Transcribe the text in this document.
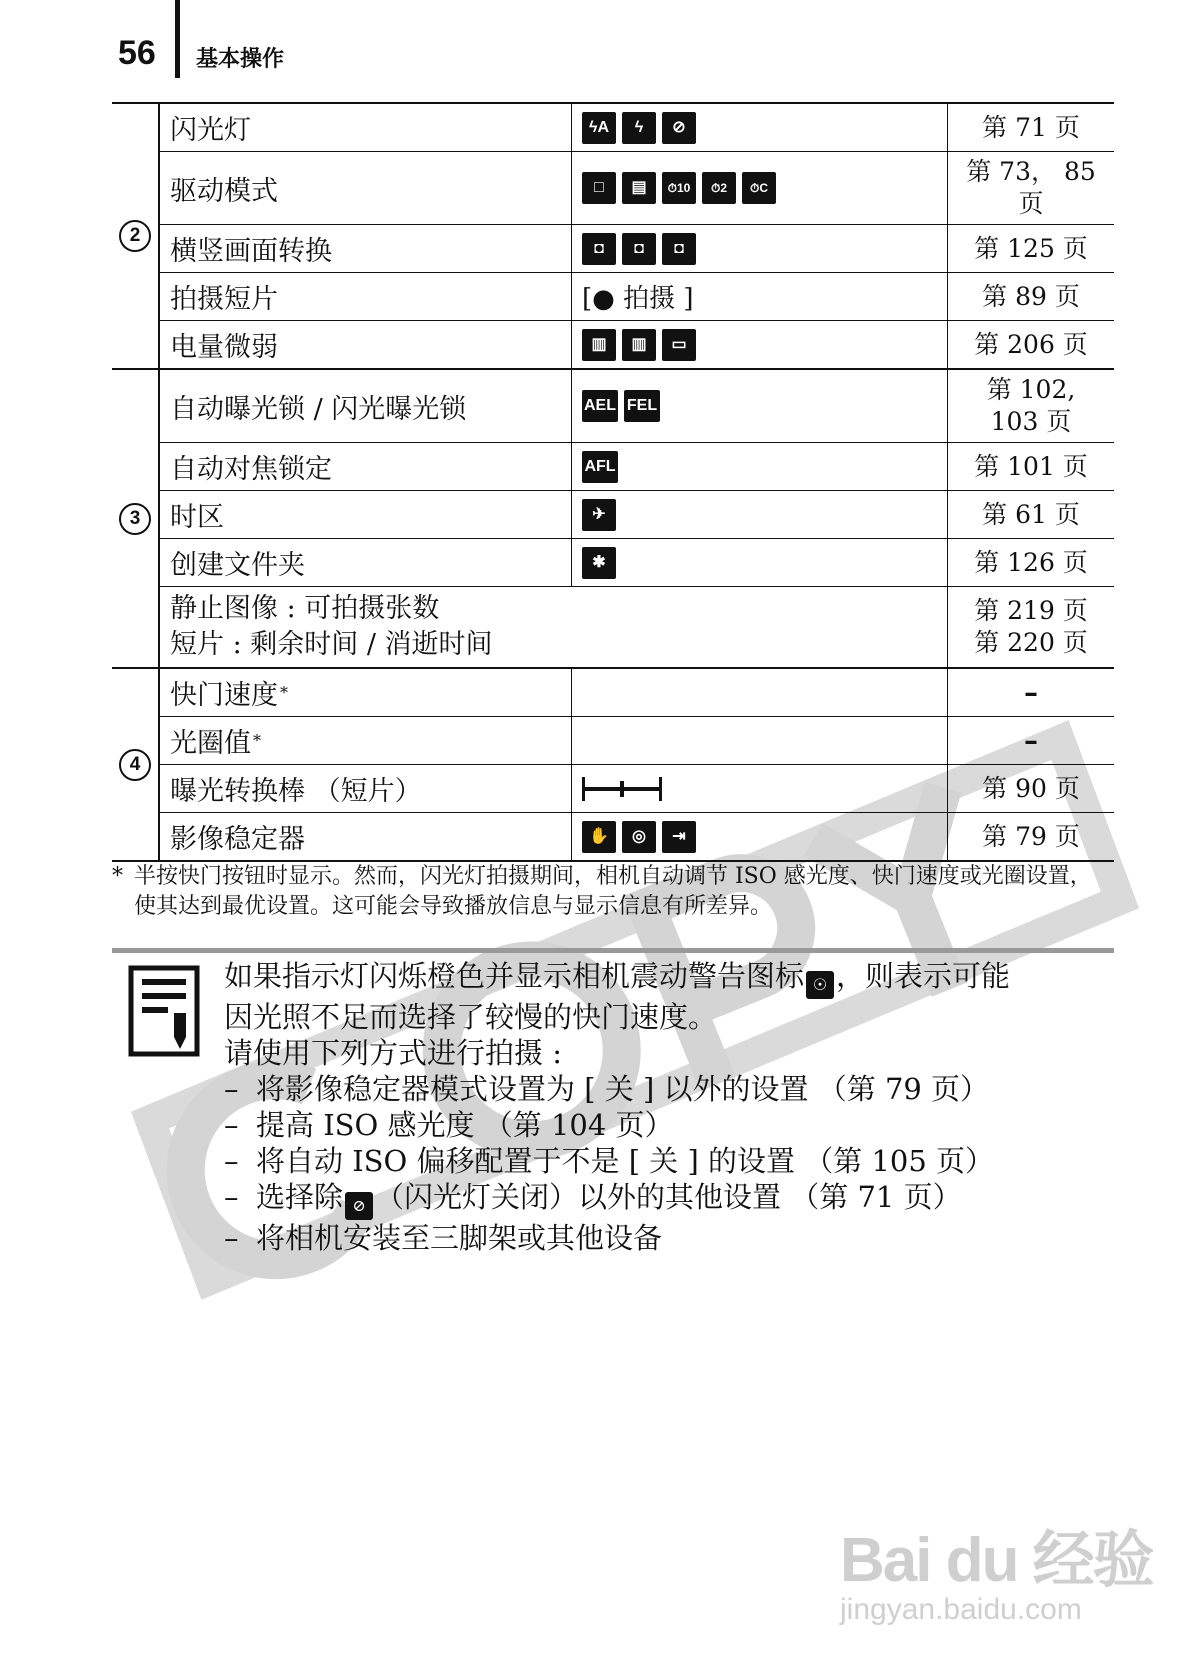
56 基本操作
2
闪光灯	ϟA	ϟ	⊘	第 71 页
驱动模式	□	▤	⏱10	⏱2	⏱C
第 73， 85 页
横竖画面转换	◘	◘	◘	第 125 页
拍摄短片	[● 拍摄 ]	第 89 页
电量微弱	▥	▥	▭	第 206 页
3
自动曝光锁 / 闪光曝光锁	AEL FEL
第 102,
103 页
自动对焦锁定	AFL	第 101 页
时区	✈	第 61 页
创建文件夹	✱	第 126 页
静止图像 : 可拍摄张数
短片 : 剩余时间 / 消逝时间
第 219 页
第 220 页
4
快门速度 *	–
光圈值 *	–
曝光转换棒 （短片）	第 90 页
影像稳定器	✋	◎	⇥	第 79 页
* 半按快门按钮时显示。然而，闪光灯拍摄期间，相机自动调节 ISO 感光度、快门速度或光圈设置，使其达到最优设置。这可能会导致播放信息与显示信息有所差异。
如果指示灯闪烁橙色并显示相机震动警告图标 ☉ ，则表示可能
因光照不足而选择了较慢的快门速度。
请使用下列方式进行拍摄 :
– 将影像稳定器模式设置为 [ 关 ] 以外的设置 （第 79 页）
– 提高 ISO 感光度 （第 104 页）
– 将自动 ISO 偏移配置于不是 [ 关 ] 的设置 （第 105 页）
– 选择除 ⊘ （闪光灯关闭）以外的其他设置 （第 71 页）
– 将相机安装至三脚架或其他设备
Bai du 经验
jingyan.baidu.com
